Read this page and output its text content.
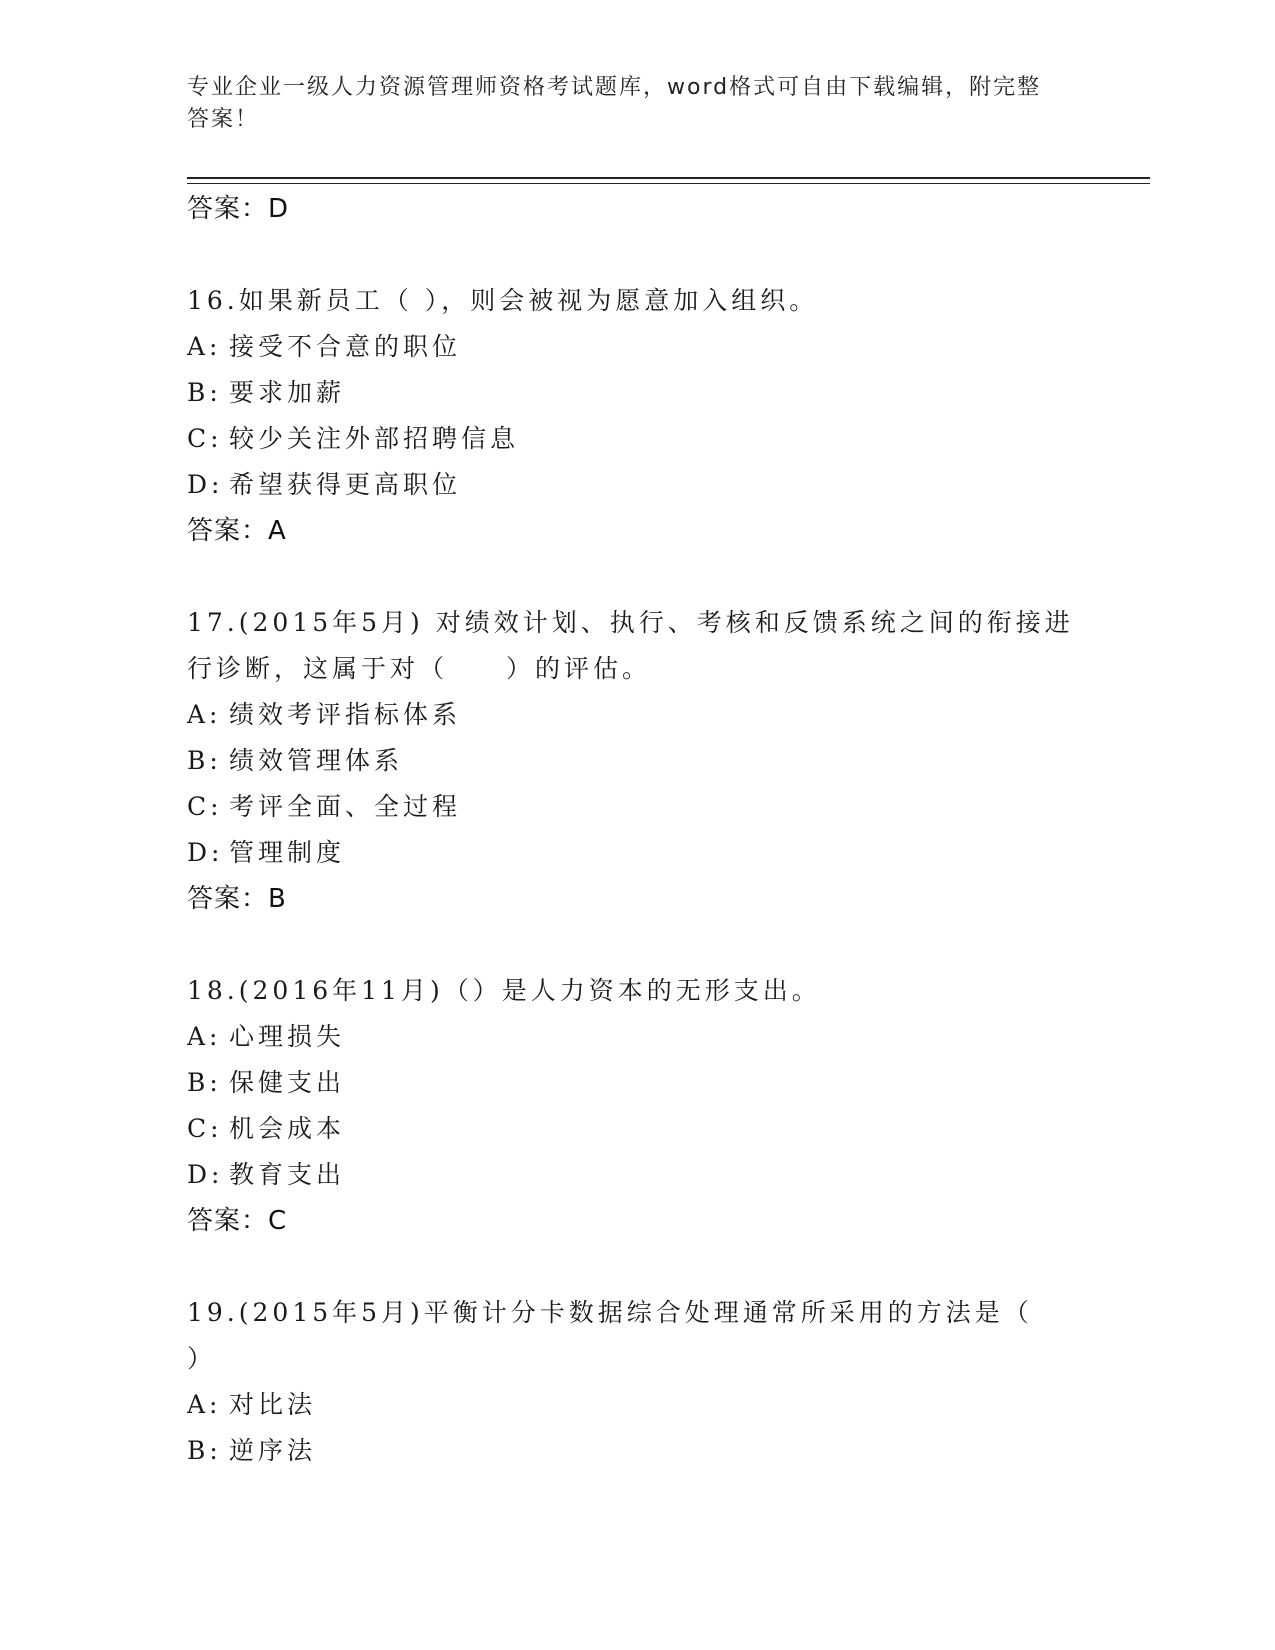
专业企业一级人力资源管理师资格考试题库，word格式可自由下载编辑，附完整
答案！
答案：D
16.如果新员工（ ），则会被视为愿意加入组织。
A: 接受不合意的职位
B: 要求加薪
C: 较少关注外部招聘信息
D: 希望获得更高职位
答案：A
17.(2015年5月) 对绩效计划、执行、考核和反馈系统之间的衔接进
行诊断，这属于对（　　）的评估。
A: 绩效考评指标体系
B: 绩效管理体系
C: 考评全面、全过程
D: 管理制度
答案：B
18.(2016年11月)（）是人力资本的无形支出。
A: 心理损失
B: 保健支出
C: 机会成本
D: 教育支出
答案：C
19.(2015年5月)平衡计分卡数据综合处理通常所采用的方法是（
）
A: 对比法
B: 逆序法
